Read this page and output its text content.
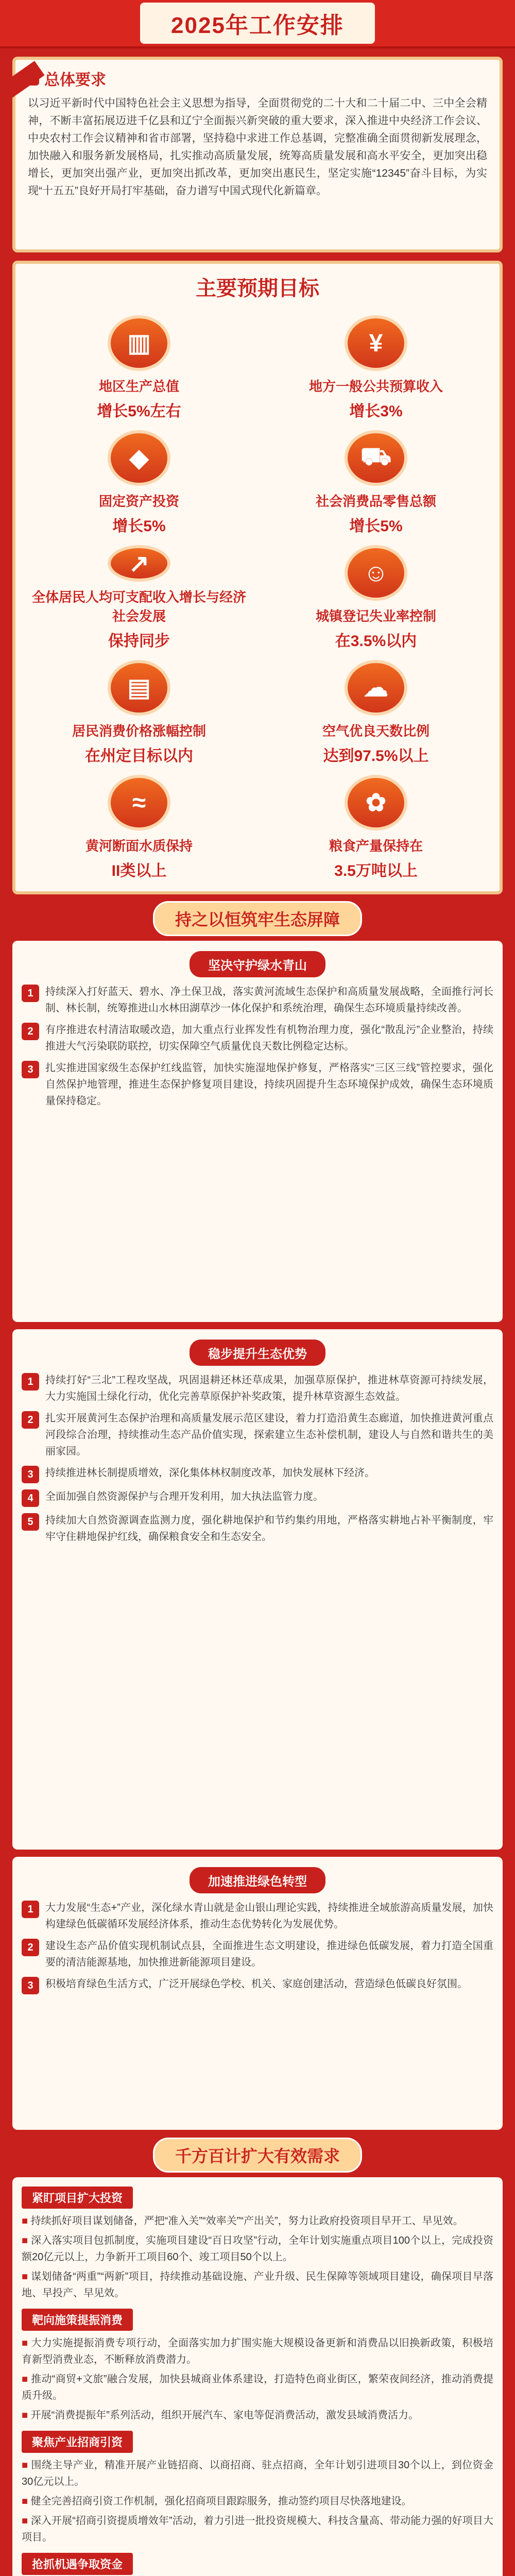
2025年工作安排
总体要求
以习近平新时代中国特色社会主义思想为指导，全面贯彻党的二十大和二十届二中、三中全会精神，不断丰富拓展迈进千亿县和辽宁全面振兴新突破的重大要求，深入推进中央经济工作会议、中央农村工作会议精神和省市部署，坚持稳中求进工作总基调，完整准确全面贯彻新发展理念，加快融入和服务新发展格局，扎实推动高质量发展，统筹高质量发展和高水平安全，更加突出稳增长，更加突出强产业，更加突出抓改革，更加突出惠民生，坚定实施“12345”奋斗目标，为实现“十五五”良好开局打牢基础，奋力谱写中国式现代化新篇章。
主要预期目标
▥
地区生产总值
增长5%左右
¥
地方一般公共预算收入
增长3%
◆
固定资产投资
增长5%
⛟
社会消费品零售总额
增长5%
↗
全体居民人均可支配收入增长与经济社会发展
保持同步
☺
城镇登记失业率控制
在3.5%以内
▤
居民消费价格涨幅控制
在州定目标以内
☁
空气优良天数比例
达到97.5%以上
≈
黄河断面水质保持
II类以上
✿
粮食产量保持在
3.5万吨以上
持之以恒筑牢生态屏障
坚决守护绿水青山
1	持续深入打好蓝天、碧水、净土保卫战，落实黄河流域生态保护和高质量发展战略，全面推行河长制、林长制，统筹推进山水林田湖草沙一体化保护和系统治理，确保生态环境质量持续改善。
2	有序推进农村清洁取暖改造，加大重点行业挥发性有机物治理力度，强化“散乱污”企业整治，持续推进大气污染联防联控，切实保障空气质量优良天数比例稳定达标。
3	扎实推进国家级生态保护红线监管，加快实施湿地保护修复，严格落实“三区三线”管控要求，强化自然保护地管理，推进生态保护修复项目建设，持续巩固提升生态环境保护成效，确保生态环境质量保持稳定。
稳步提升生态优势
1	持续打好“三北”工程攻坚战，巩固退耕还林还草成果，加强草原保护，推进林草资源可持续发展，大力实施国土绿化行动，优化完善草原保护补奖政策，提升林草资源生态效益。
2	扎实开展黄河生态保护治理和高质量发展示范区建设，着力打造沿黄生态廊道，加快推进黄河重点河段综合治理，持续推动生态产品价值实现，探索建立生态补偿机制，建设人与自然和谐共生的美丽家园。
3	持续推进林长制提质增效，深化集体林权制度改革，加快发展林下经济。
4	全面加强自然资源保护与合理开发利用，加大执法监管力度。
5	持续加大自然资源调查监测力度，强化耕地保护和节约集约用地，严格落实耕地占补平衡制度，牢牢守住耕地保护红线，确保粮食安全和生态安全。
加速推进绿色转型
1	大力发展“生态+”产业，深化绿水青山就是金山银山理论实践，持续推进全域旅游高质量发展，加快构建绿色低碳循环发展经济体系，推动生态优势转化为发展优势。
2	建设生态产品价值实现机制试点县，全面推进生态文明建设，推进绿色低碳发展，着力打造全国重要的清洁能源基地，加快推进新能源项目建设。
3	积极培育绿色生活方式，广泛开展绿色学校、机关、家庭创建活动，营造绿色低碳良好氛围。
千方百计扩大有效需求
紧盯项目扩大投资
■ 持续抓好项目谋划储备，严把“准入关”“效率关”“产出关”，努力让政府投资项目早开工、早见效。
■ 深入落实项目包抓制度，实施项目建设“百日攻坚”行动，全年计划实施重点项目100个以上，完成投资额20亿元以上，力争新开工项目60个、竣工项目50个以上。
■ 谋划储备“两重”“两新”项目，持续推动基础设施、产业升级、民生保障等领域项目建设，确保项目早落地、早投产、早见效。
靶向施策提振消费
■ 大力实施提振消费专项行动，全面落实加力扩围实施大规模设备更新和消费品以旧换新政策，积极培育新型消费业态，不断释放消费潜力。
■ 推动“商贸+文旅”融合发展，加快县城商业体系建设，打造特色商业街区，繁荣夜间经济，推动消费提质升级。
■ 开展“消费提振年”系列活动，组织开展汽车、家电等促消费活动，激发县域消费活力。
聚焦产业招商引资
■ 围绕主导产业，精准开展产业链招商、以商招商、驻点招商，全年计划引进项目30个以上，到位资金30亿元以上。
■ 健全完善招商引资工作机制，强化招商项目跟踪服务，推动签约项目尽快落地建设。
■ 深入开展“招商引资提质增效年”活动，着力引进一批投资规模大、科技含量高、带动能力强的好项目大项目。
抢抓机遇争取资金
